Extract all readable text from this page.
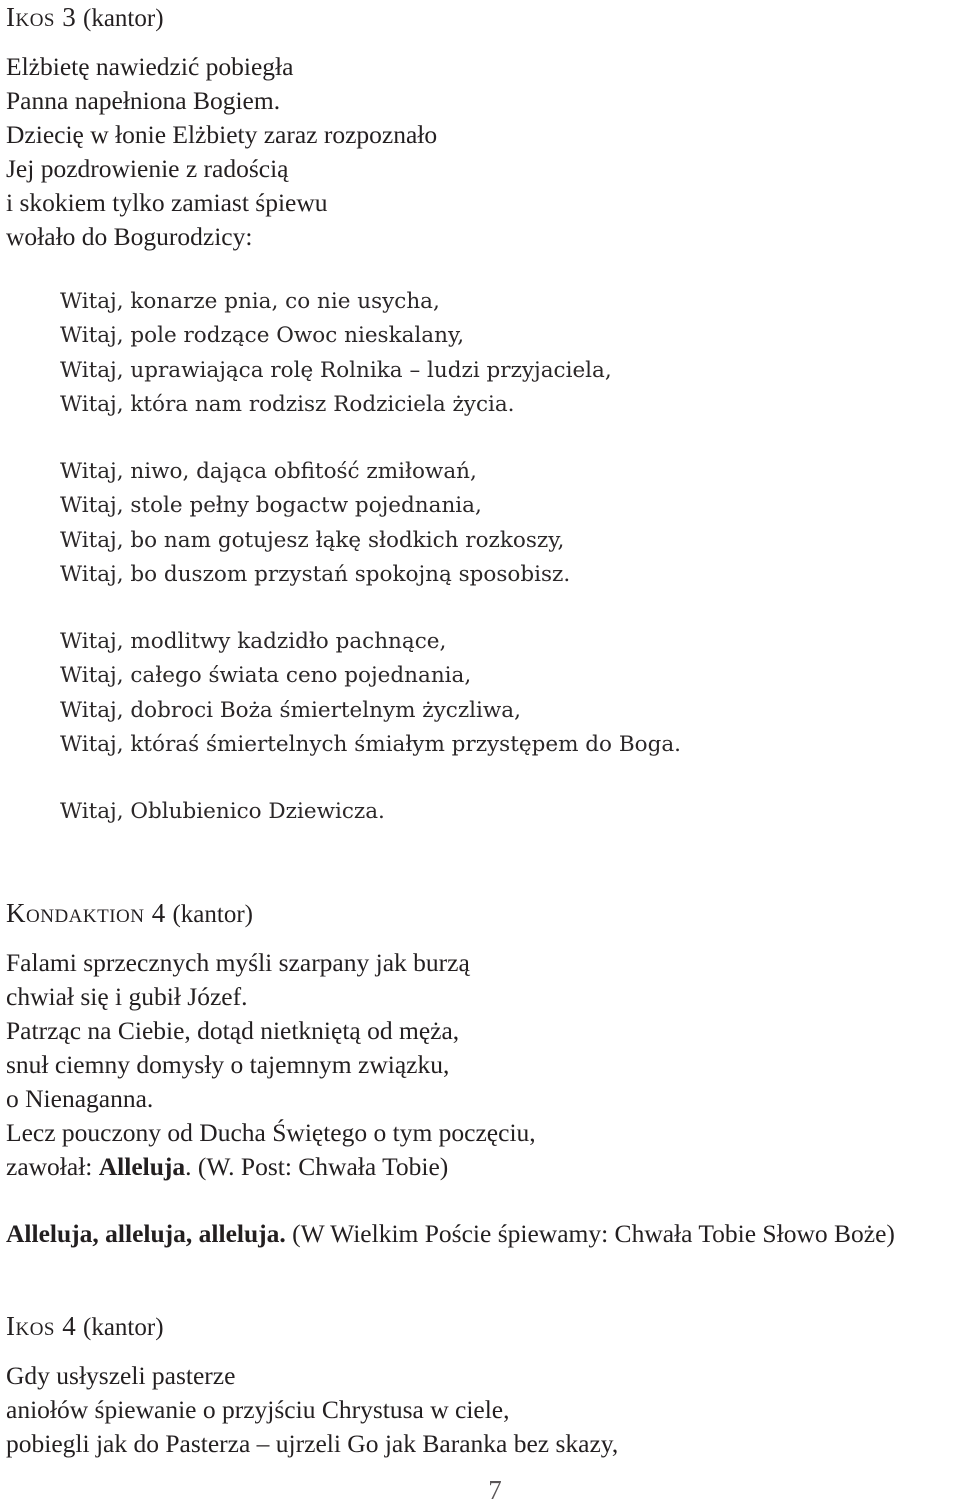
Ikos 3 (kantor)
Elżbietę nawiedzić pobiegła
Panna napełniona Bogiem.
Dziecię w łonie Elżbiety zaraz rozpoznało
Jej pozdrowienie z radością
i skokiem tylko zamiast śpiewu
wołało do Bogurodzicy:
Witaj, konarze pnia, co nie usycha,
Witaj, pole rodzące Owoc nieskalany,
Witaj, uprawiająca rolę Rolnika – ludzi przyjaciela,
Witaj, która nam rodzisz Rodziciela życia.
Witaj, niwo, dająca obfitość zmiłowań,
Witaj, stole pełny bogactw pojednania,
Witaj, bo nam gotujesz łąkę słodkich rozkoszy,
Witaj, bo duszom przystań spokojną sposobisz.
Witaj, modlitwy kadzidło pachnące,
Witaj, całego świata ceno pojednania,
Witaj, dobroci Boża śmiertelnym życzliwa,
Witaj, któraś śmiertelnych śmiałym przystępem do Boga.
Witaj, Oblubienico Dziewicza.
Kondaktion 4 (kantor)
Falami sprzecznych myśli szarpany jak burzą
chwiał się i gubił Józef.
Patrząc na Ciebie, dotąd nietkniętą od męża,
snuł ciemny domysły o tajemnym związku,
o Nienaganna.
Lecz pouczony od Ducha Świętego o tym poczęciu,
zawołał: Alleluja. (W. Post: Chwała Tobie)
Alleluja, alleluja, alleluja. (W Wielkim Poście śpiewamy: Chwała Tobie Słowo Boże)
Ikos 4 (kantor)
Gdy usłyszeli pasterze
aniołów śpiewanie o przyjściu Chrystusa w ciele,
pobiegli jak do Pasterza – ujrzeli Go jak Baranka bez skazy,
7
